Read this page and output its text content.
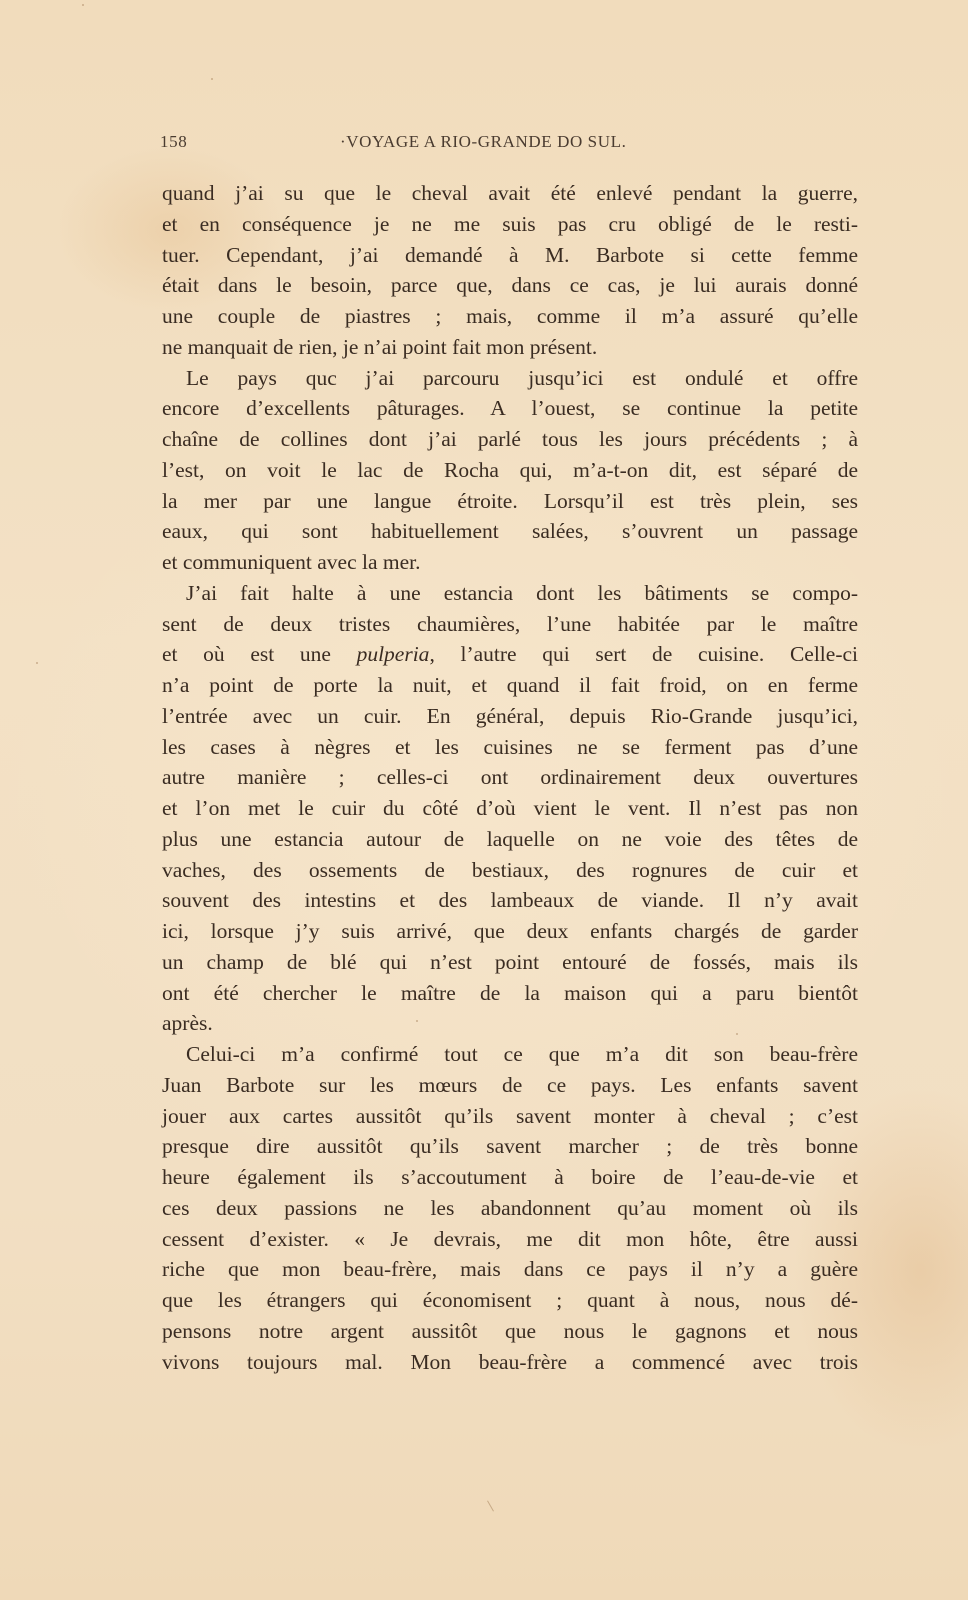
158	·VOYAGE A RIO-GRANDE DO SUL.
quand j’ai su que le cheval avait été enlevé pendant la guerre,
et en conséquence je ne me suis pas cru obligé de le resti-
tuer. Cependant, j’ai demandé à M. Barbote si cette femme
était dans le besoin, parce que, dans ce cas, je lui aurais donné
une couple de piastres ; mais, comme il m’a assuré qu’elle
ne manquait de rien, je n’ai point fait mon présent.
Le pays quc j’ai parcouru jusqu’ici est ondulé et offre
encore d’excellents pâturages. A l’ouest, se continue la petite
chaîne de collines dont j’ai parlé tous les jours précédents ; à
l’est, on voit le lac de Rocha qui, m’a-t-on dit, est séparé de
la mer par une langue étroite. Lorsqu’il est très plein, ses
eaux, qui sont habituellement salées, s’ouvrent un passage
et communiquent avec la mer.
J’ai fait halte à une estancia dont les bâtiments se compo-
sent de deux tristes chaumières, l’une habitée par le maître
et où est une pulperia, l’autre qui sert de cuisine. Celle-ci
n’a point de porte la nuit, et quand il fait froid, on en ferme
l’entrée avec un cuir. En général, depuis Rio-Grande jusqu’ici,
les cases à nègres et les cuisines ne se ferment pas d’une
autre manière ; celles-ci ont ordinairement deux ouvertures
et l’on met le cuir du côté d’où vient le vent. Il n’est pas non
plus une estancia autour de laquelle on ne voie des têtes de
vaches, des ossements de bestiaux, des rognures de cuir et
souvent des intestins et des lambeaux de viande. Il n’y avait
ici, lorsque j’y suis arrivé, que deux enfants chargés de garder
un champ de blé qui n’est point entouré de fossés, mais ils
ont été chercher le maître de la maison qui a paru bientôt
après.
Celui-ci m’a confirmé tout ce que m’a dit son beau-frère
Juan Barbote sur les mœurs de ce pays. Les enfants savent
jouer aux cartes aussitôt qu’ils savent monter à cheval ; c’est
presque dire aussitôt qu’ils savent marcher ; de très bonne
heure également ils s’accoutument à boire de l’eau-de-vie et
ces deux passions ne les abandonnent qu’au moment où ils
cessent d’exister. « Je devrais, me dit mon hôte, être aussi
riche que mon beau-frère, mais dans ce pays il n’y a guère
que les étrangers qui économisent ; quant à nous, nous dé-
pensons notre argent aussitôt que nous le gagnons et nous
vivons toujours mal. Mon beau-frère a commencé avec trois
